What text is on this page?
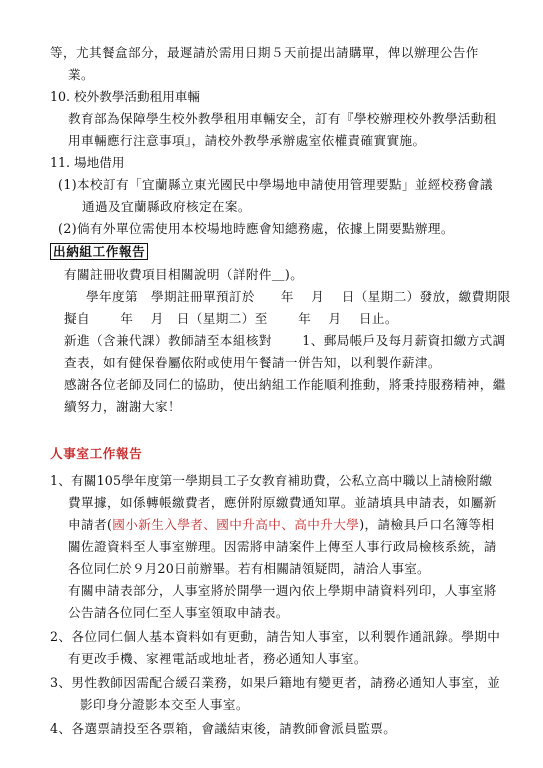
等，尤其餐盒部分，最遲請於需用日期５天前提出請購單，俾以辦理公告作
業。
10. 校外教學活動租用車輛
教育部為保障學生校外教學租用車輛安全，訂有『學校辦理校外教學活動租
用車輛應行注意事項』，請校外教學承辦處室依權責確實實施。
11. 場地借用
(1)本校訂有「宜蘭縣立東光國民中學場地申請使用管理要點」並經校務會議
通過及宜蘭縣政府核定在案。
(2)倘有外單位需使用本校場地時應會知總務處，依據上開要點辦理。
出納組工作報告
有關註冊收費項目相關說明（詳附件＿)。
學年度第　學期註冊單預訂於　　年　 月　 日（星期二）發放，繳費期限
擬自　　 年　 月　日（星期二）至　　 年　 月　 日止。
新進（含兼代課）教師請至本組核對　　 1、郵局帳戶及每月薪資扣繳方式調
查表，如有健保眷屬依附或使用午餐請一併告知，以利製作薪津。
感謝各位老師及同仁的協助，使出納組工作能順利推動，將秉持服務精神，繼
續努力，謝謝大家！
人事室工作報告
1、有關105學年度第一學期員工子女教育補助費，公私立高中職以上請檢附繳
費單據，如係轉帳繳費者，應併附原繳費通知單。並請填具申請表，如屬新
申請者(國小新生入學者、國中升高中、高中升大學)，請檢具戶口名簿等相
關佐證資料至人事室辦理。因需將申請案件上傳至人事行政局檢核系統，請
各位同仁於９月20日前辦畢。若有相關請領疑問，請洽人事室。
有關申請表部分，人事室將於開學一週內依上學期申請資料列印，人事室將
公告請各位同仁至人事室領取申請表。
2、各位同仁個人基本資料如有更動，請告知人事室，以利製作通訊錄。學期中
有更改手機、家裡電話或地址者，務必通知人事室。
3、男性教師因需配合緩召業務，如果戶籍地有變更者，請務必通知人事室，並
影印身分證影本交至人事室。
4、各選票請投至各票箱，會議結束後，請教師會派員監票。
